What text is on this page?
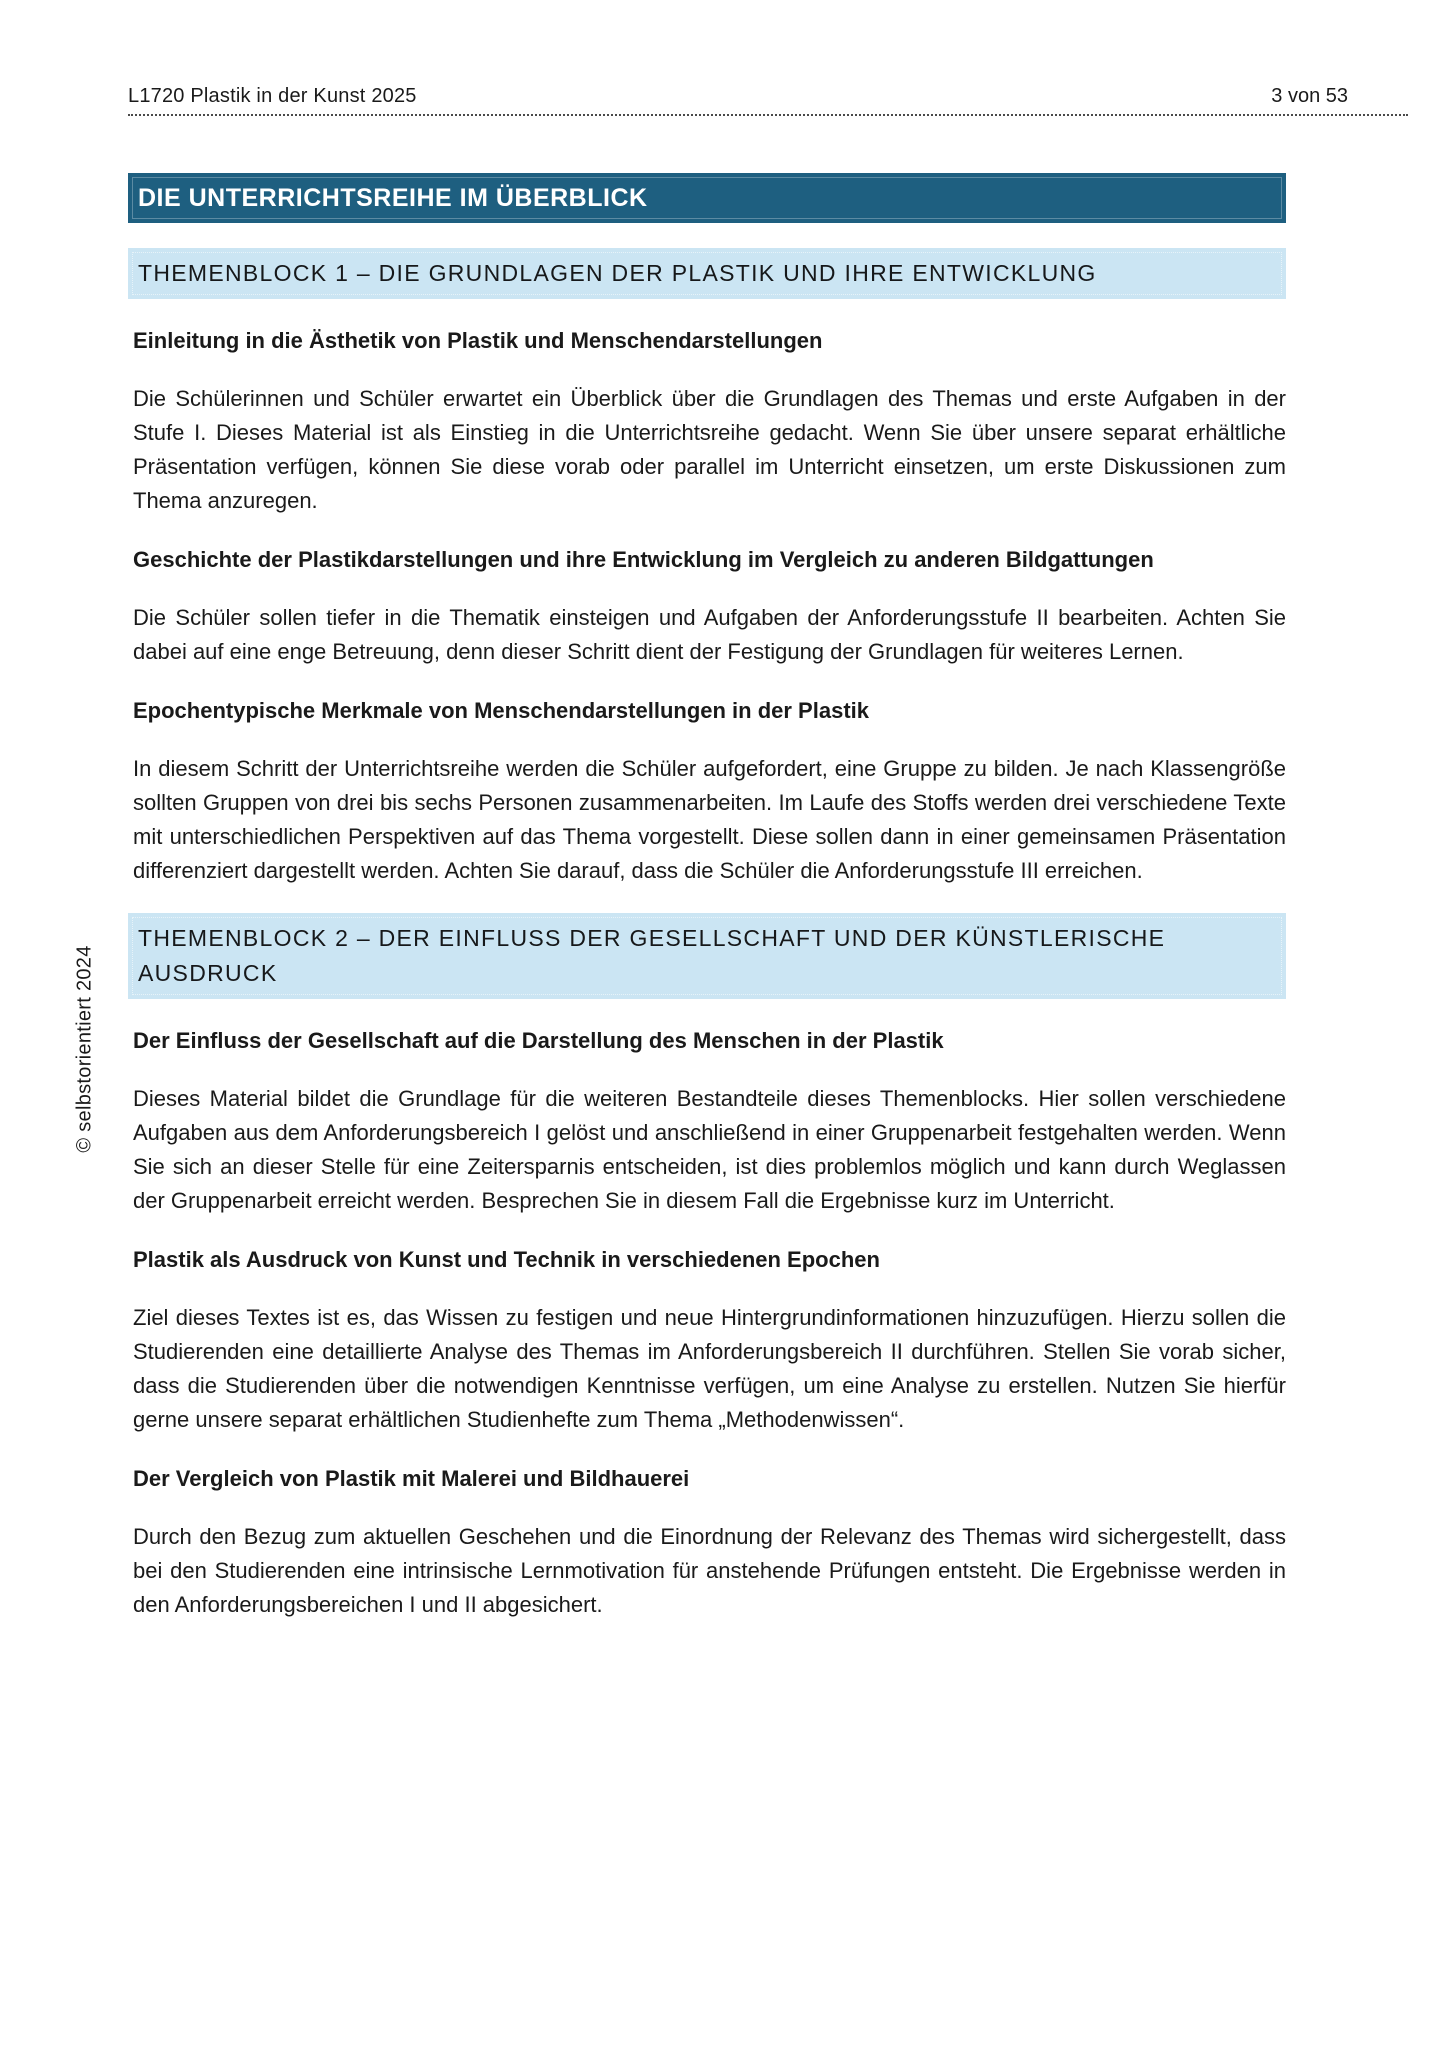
L1720 Plastik in der Kunst 2025	3 von 53
© selbstorientiert 2024
DIE UNTERRICHTSREIHE IM ÜBERBLICK
THEMENBLOCK 1 – DIE GRUNDLAGEN DER PLASTIK UND IHRE ENTWICKLUNG
Einleitung in die Ästhetik von Plastik und Menschendarstellungen

Die Schülerinnen und Schüler erwartet ein Überblick über die Grundlagen des Themas und erste Aufgaben in der Stufe I. Dieses Material ist als Einstieg in die Unterrichtsreihe gedacht. Wenn Sie über unsere separat erhältliche Präsentation verfügen, können Sie diese vorab oder parallel im Unterricht einsetzen, um erste Diskussionen zum Thema anzuregen.

Geschichte der Plastikdarstellungen und ihre Entwicklung im Vergleich zu anderen Bildgattungen

Die Schüler sollen tiefer in die Thematik einsteigen und Aufgaben der Anforderungsstufe II bearbeiten. Achten Sie dabei auf eine enge Betreuung, denn dieser Schritt dient der Festigung der Grundlagen für weiteres Lernen.

Epochentypische Merkmale von Menschendarstellungen in der Plastik

In diesem Schritt der Unterrichtsreihe werden die Schüler aufgefordert, eine Gruppe zu bilden. Je nach Klassengröße sollten Gruppen von drei bis sechs Personen zusammenarbeiten. Im Laufe des Stoffs werden drei verschiedene Texte mit unterschiedlichen Perspektiven auf das Thema vorgestellt. Diese sollen dann in einer gemeinsamen Präsentation differenziert dargestellt werden. Achten Sie darauf, dass die Schüler die Anforderungsstufe III erreichen.

THEMENBLOCK 2 – DER EINFLUSS DER GESELLSCHAFT UND DER KÜNSTLERISCHE AUSDRUCK
Der Einfluss der Gesellschaft auf die Darstellung des Menschen in der Plastik

Dieses Material bildet die Grundlage für die weiteren Bestandteile dieses Themenblocks. Hier sollen verschiedene Aufgaben aus dem Anforderungsbereich I gelöst und anschließend in einer Gruppenarbeit festgehalten werden. Wenn Sie sich an dieser Stelle für eine Zeitersparnis entscheiden, ist dies problemlos möglich und kann durch Weglassen der Gruppenarbeit erreicht werden. Besprechen Sie in diesem Fall die Ergebnisse kurz im Unterricht.

Plastik als Ausdruck von Kunst und Technik in verschiedenen Epochen

Ziel dieses Textes ist es, das Wissen zu festigen und neue Hintergrundinformationen hinzuzufügen. Hierzu sollen die Studierenden eine detaillierte Analyse des Themas im Anforderungsbereich II durchführen. Stellen Sie vorab sicher, dass die Studierenden über die notwendigen Kenntnisse verfügen, um eine Analyse zu erstellen. Nutzen Sie hierfür gerne unsere separat erhältlichen Studienhefte zum Thema „Methodenwissen“.

Der Vergleich von Plastik mit Malerei und Bildhauerei

Durch den Bezug zum aktuellen Geschehen und die Einordnung der Relevanz des Themas wird sichergestellt, dass bei den Studierenden eine intrinsische Lernmotivation für anstehende Prüfungen entsteht. Die Ergebnisse werden in den Anforderungsbereichen I und II abgesichert.
